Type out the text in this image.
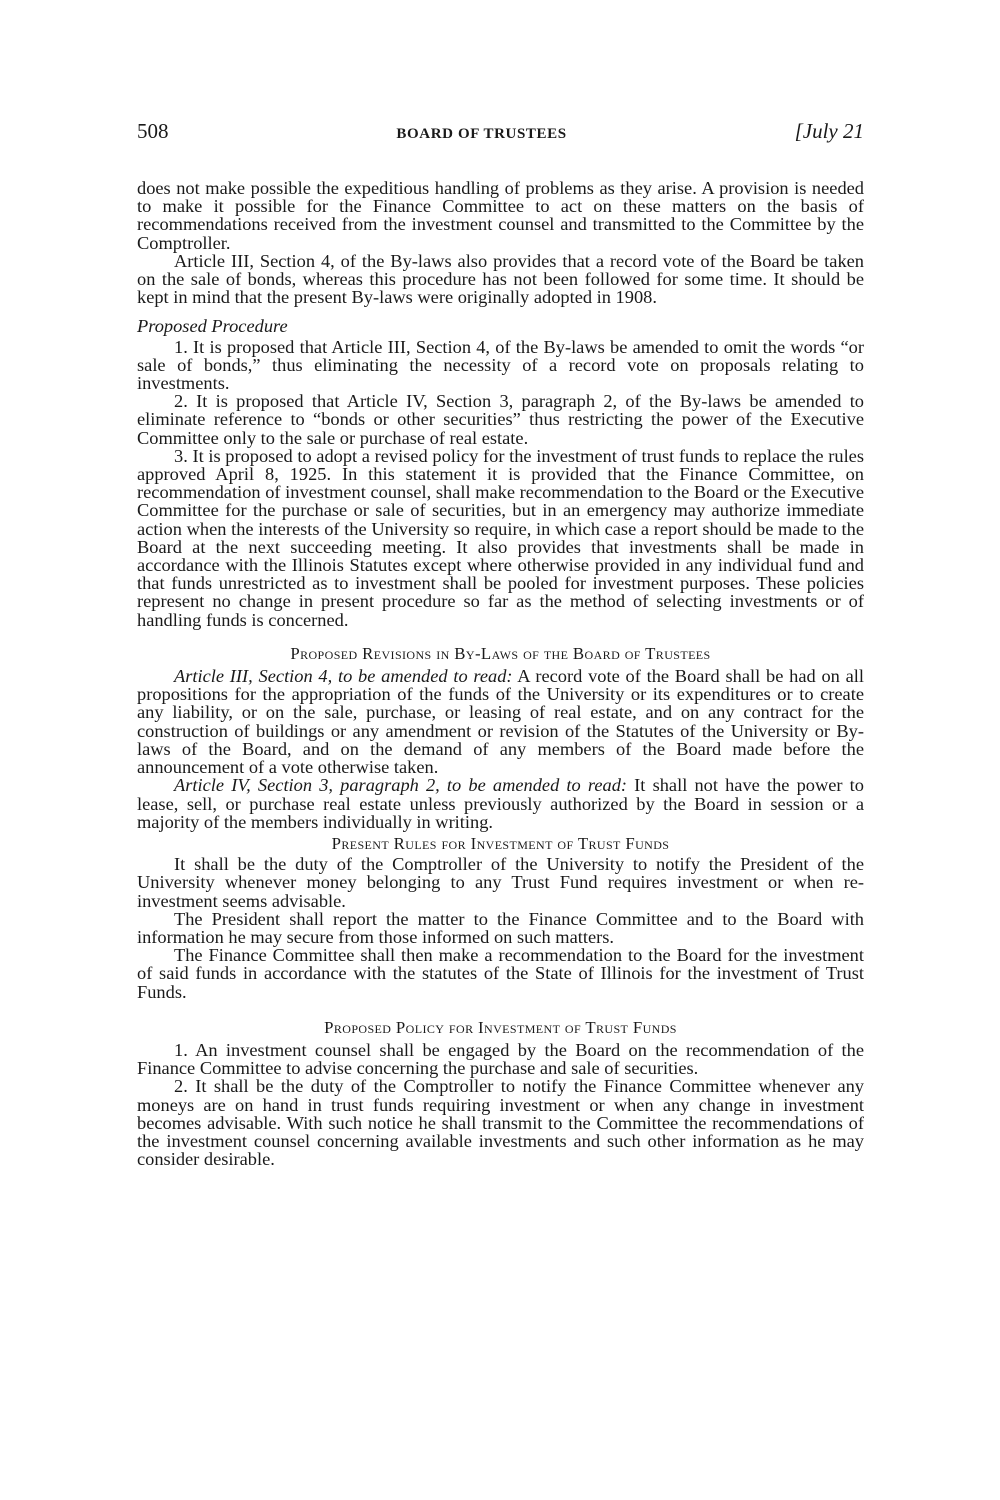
508	BOARD OF TRUSTEES	[July 21

does not make possible the expeditious handling of problems as they arise. A provision is needed to make it possible for the Finance Committee to act on these matters on the basis of recommendations received from the investment counsel and transmitted to the Committee by the Comptroller.

Article III, Section 4, of the By-laws also provides that a record vote of the Board be taken on the sale of bonds, whereas this procedure has not been followed for some time. It should be kept in mind that the present By-laws were originally adopted in 1908.

Proposed Procedure

1. It is proposed that Article III, Section 4, of the By-laws be amended to omit the words “or sale of bonds,” thus eliminating the necessity of a record vote on proposals relating to investments.

2. It is proposed that Article IV, Section 3, paragraph 2, of the By-laws be amended to eliminate reference to “bonds or other securities” thus restricting the power of the Executive Committee only to the sale or purchase of real estate.

3. It is proposed to adopt a revised policy for the investment of trust funds to replace the rules approved April 8, 1925. In this statement it is provided that the Finance Committee, on recommendation of investment counsel, shall make recommendation to the Board or the Executive Committee for the purchase or sale of securities, but in an emergency may authorize immediate action when the interests of the University so require, in which case a report should be made to the Board at the next succeeding meeting. It also provides that investments shall be made in accordance with the Illinois Statutes except where otherwise provided in any individual fund and that funds unrestricted as to investment shall be pooled for investment purposes. These policies represent no change in present procedure so far as the method of selecting investments or of handling funds is concerned.

Proposed Revisions in By-Laws of the Board of Trustees

Article III, Section 4, to be amended to read: A record vote of the Board shall be had on all propositions for the appropriation of the funds of the University or its expenditures or to create any liability, or on the sale, purchase, or leasing of real estate, and on any contract for the construction of buildings or any amendment or revision of the Statutes of the University or By-laws of the Board, and on the demand of any members of the Board made before the announcement of a vote otherwise taken.

Article IV, Section 3, paragraph 2, to be amended to read: It shall not have the power to lease, sell, or purchase real estate unless previously authorized by the Board in session or a majority of the members individually in writing.

Present Rules for Investment of Trust Funds

It shall be the duty of the Comptroller of the University to notify the President of the University whenever money belonging to any Trust Fund requires investment or when re-investment seems advisable.

The President shall report the matter to the Finance Committee and to the Board with information he may secure from those informed on such matters.

The Finance Committee shall then make a recommendation to the Board for the investment of said funds in accordance with the statutes of the State of Illinois for the investment of Trust Funds.

Proposed Policy for Investment of Trust Funds

1. An investment counsel shall be engaged by the Board on the recommendation of the Finance Committee to advise concerning the purchase and sale of securities.

2. It shall be the duty of the Comptroller to notify the Finance Committee whenever any moneys are on hand in trust funds requiring investment or when any change in investment becomes advisable. With such notice he shall transmit to the Committee the recommendations of the investment counsel concerning available investments and such other information as he may consider desirable.
